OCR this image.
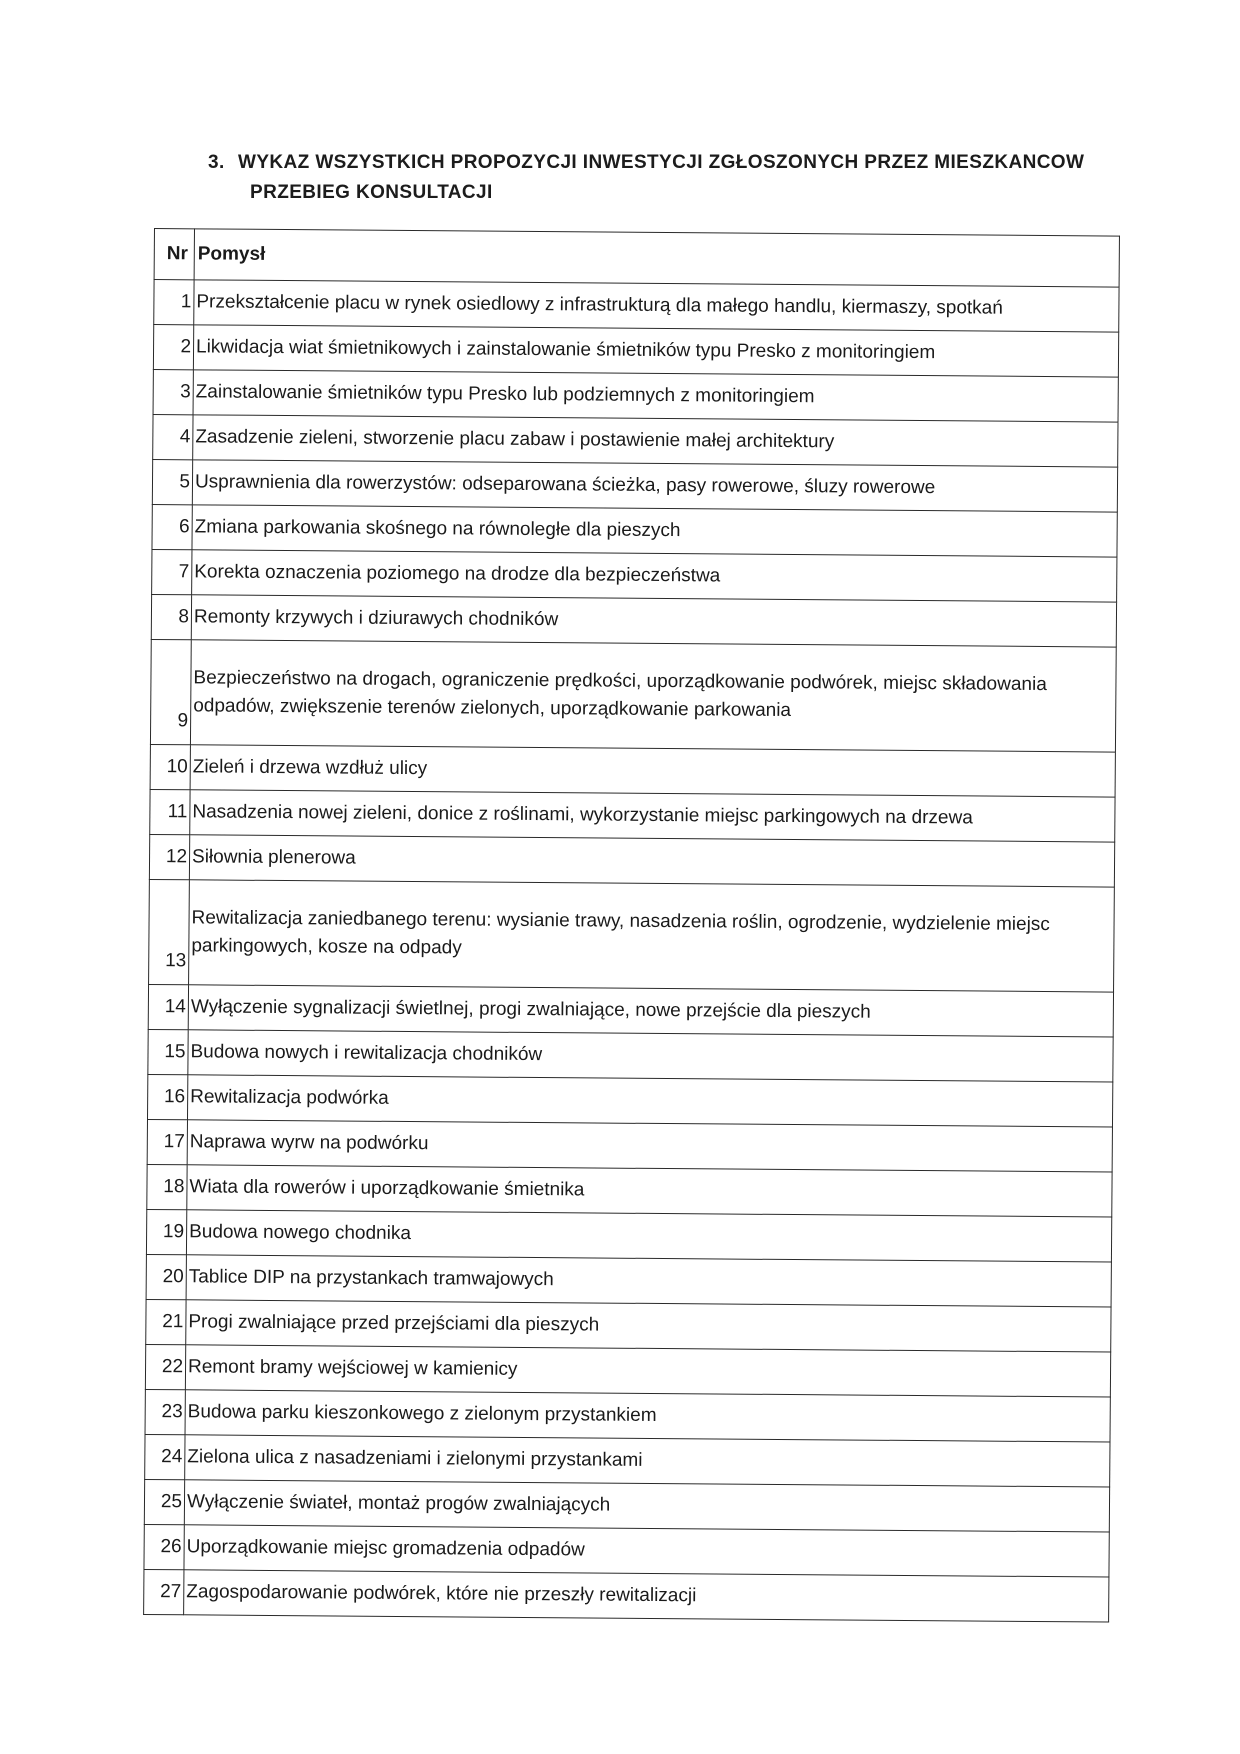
3. WYKAZ WSZYSTKICH PROPOZYCJI INWESTYCJI ZGŁOSZONYCH PRZEZ MIESZKANCOW
PRZEBIEG KONSULTACJI
Nr	Pomysł
1	Przekształcenie placu w rynek osiedlowy z infrastrukturą dla małego handlu, kiermaszy, spotkań
2	Likwidacja wiat śmietnikowych i zainstalowanie śmietników typu Presko z monitoringiem
3	Zainstalowanie śmietników typu Presko lub podziemnych z monitoringiem
4	Zasadzenie zieleni, stworzenie placu zabaw i postawienie małej architektury
5	Usprawnienia dla rowerzystów: odseparowana ścieżka, pasy rowerowe, śluzy rowerowe
6	Zmiana parkowania skośnego na równoległe dla pieszych
7	Korekta oznaczenia poziomego na drodze dla bezpieczeństwa
8	Remonty krzywych i dziurawych chodników
9	Bezpieczeństwo na drogach, ograniczenie prędkości, uporządkowanie podwórek, miejsc składowania odpadów, zwiększenie terenów zielonych, uporządkowanie parkowania
10	Zieleń i drzewa wzdłuż ulicy
11	Nasadzenia nowej zieleni, donice z roślinami, wykorzystanie miejsc parkingowych na drzewa
12	Siłownia plenerowa
13	Rewitalizacja zaniedbanego terenu: wysianie trawy, nasadzenia roślin, ogrodzenie, wydzielenie miejsc parkingowych, kosze na odpady
14	Wyłączenie sygnalizacji świetlnej, progi zwalniające, nowe przejście dla pieszych
15	Budowa nowych i rewitalizacja chodników
16	Rewitalizacja podwórka
17	Naprawa wyrw na podwórku
18	Wiata dla rowerów i uporządkowanie śmietnika
19	Budowa nowego chodnika
20	Tablice DIP na przystankach tramwajowych
21	Progi zwalniające przed przejściami dla pieszych
22	Remont bramy wejściowej w kamienicy
23	Budowa parku kieszonkowego z zielonym przystankiem
24	Zielona ulica z nasadzeniami i zielonymi przystankami
25	Wyłączenie świateł, montaż progów zwalniających
26	Uporządkowanie miejsc gromadzenia odpadów
27	Zagospodarowanie podwórek, które nie przeszły rewitalizacji
